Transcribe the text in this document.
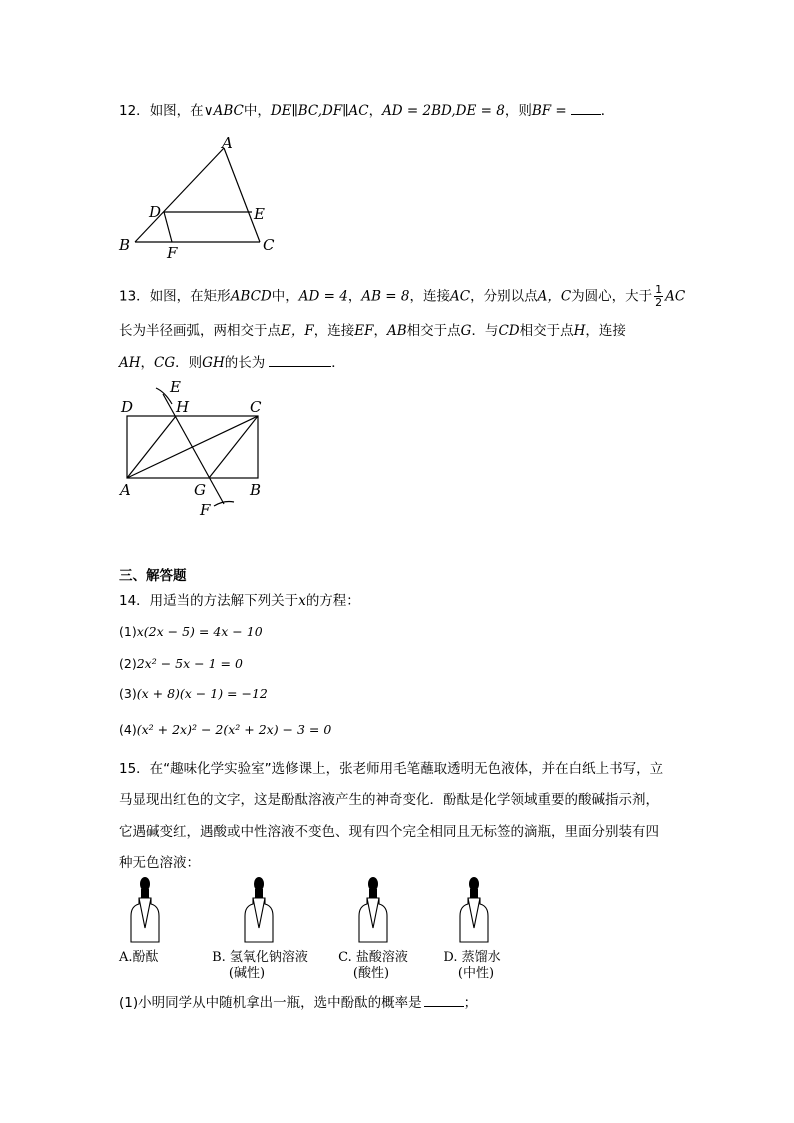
12．如图，在∨ABC中，DE∥BC,DF∥AC，AD = 2BD,DE = 8，则BF =	．
A
B	C
D	E
F
13．如图，在矩形ABCD中，AD = 4，AB = 8，连接AC，分别以点A，C为圆心，大于 $\frac{1}{2}$ AC
长为半径画弧，两相交于点E，F，连接EF，AB相交于点G．与CD相交于点H，连接
AH，CG．则GH的长为	．
E
D	H	C
A	G	B
F
三、解答题
14．用适当的方法解下列关于x的方程：
(1)x(2x − 5) = 4x − 10
(2)2x² − 5x − 1 = 0
(3)(x + 8)(x − 1) = −12
(4)(x² + 2x)² − 2(x² + 2x) − 3 = 0
15．在“趣味化学实验室”选修课上，张老师用毛笔蘸取透明无色液体，并在白纸上书写，立
马显现出红色的文字，这是酚酞溶液产生的神奇变化．酚酞是化学领域重要的酸碱指示剂，
它遇碱变红，遇酸或中性溶液不变色、现有四个完全相同且无标签的滴瓶，里面分别装有四
种无色溶液：
A.酚酞	B. 氢氧化钠溶液
(碱性)
C. 盐酸溶液
(酸性)
D. 蒸馏水
(中性)
(1)小明同学从中随机拿出一瓶，选中酚酞的概率是	；
